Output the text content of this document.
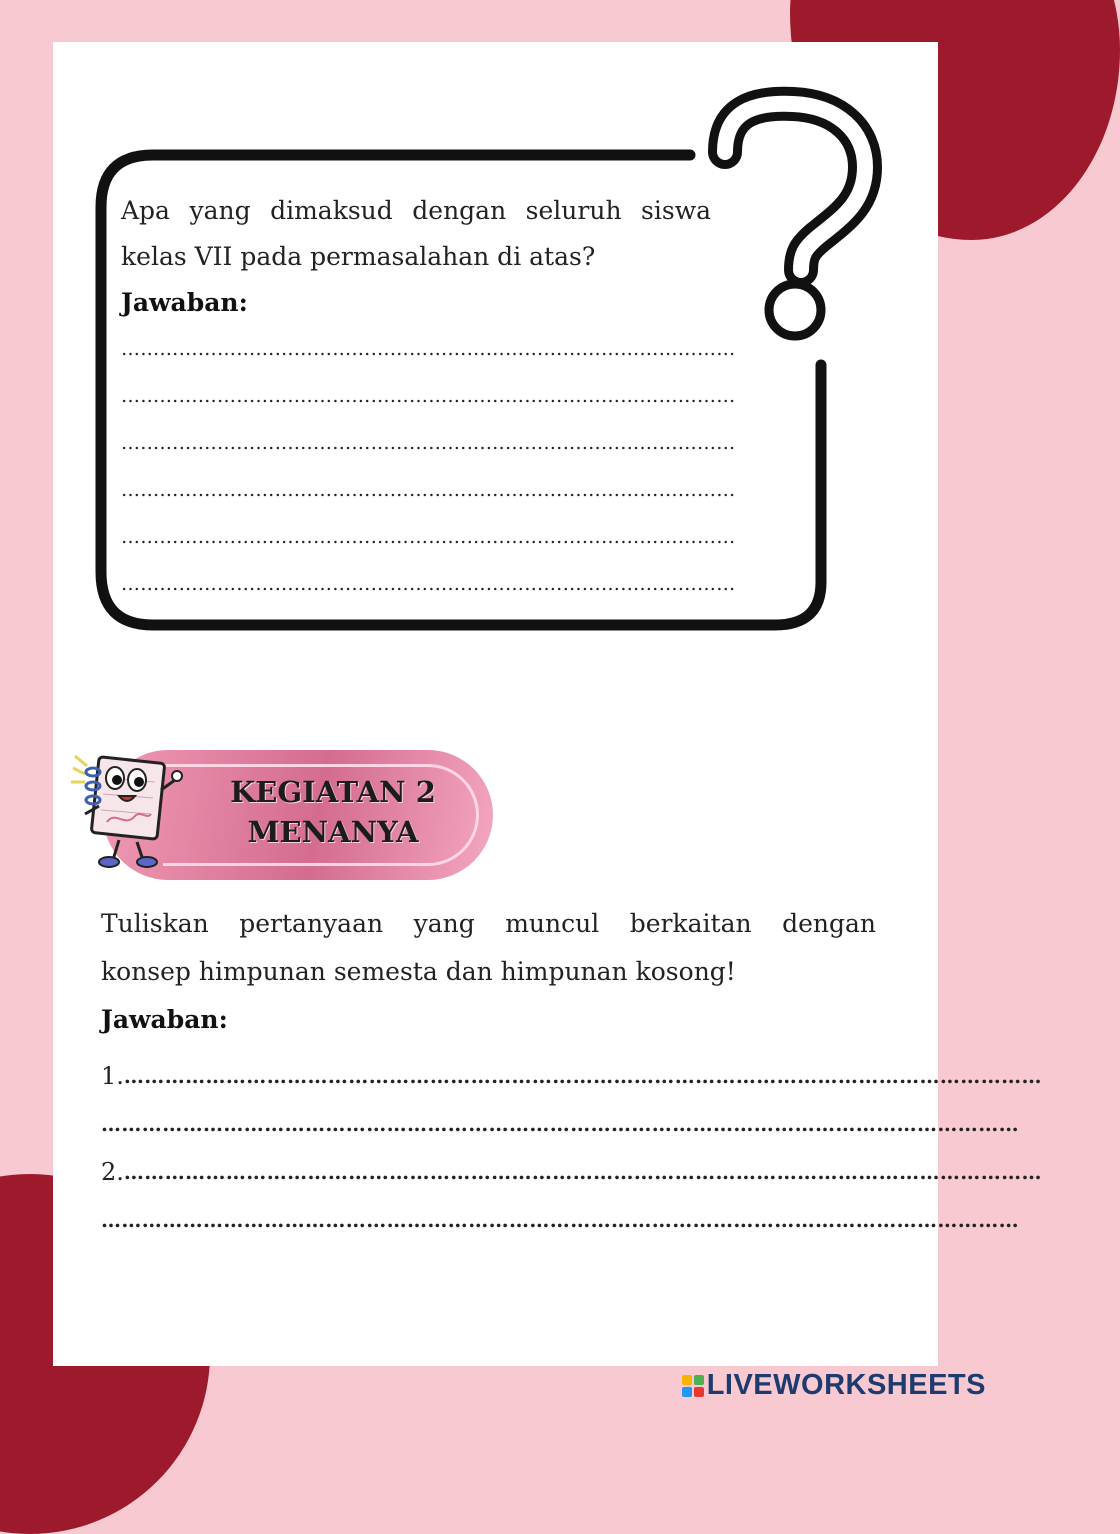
Apa yang dimaksud dengan seluruh siswa
kelas VII pada permasalahan di atas?
Jawaban:
……………………………………………………………………………………
……………………………………………………………………………………
……………………………………………………………………………………
……………………………………………………………………………………
……………………………………………………………………………………
……………………………………………………………………………………
KEGIATAN 2
MENANYA
Tuliskan pertanyaan yang muncul berkaitan dengan
konsep himpunan semesta dan himpunan kosong!
Jawaban:
1. ………………………………………………………………………………………………………………………
………………………………………………………………………………………………………………………
2. ………………………………………………………………………………………………………………………
………………………………………………………………………………………………………………………
LIVEWORKSHEETS
